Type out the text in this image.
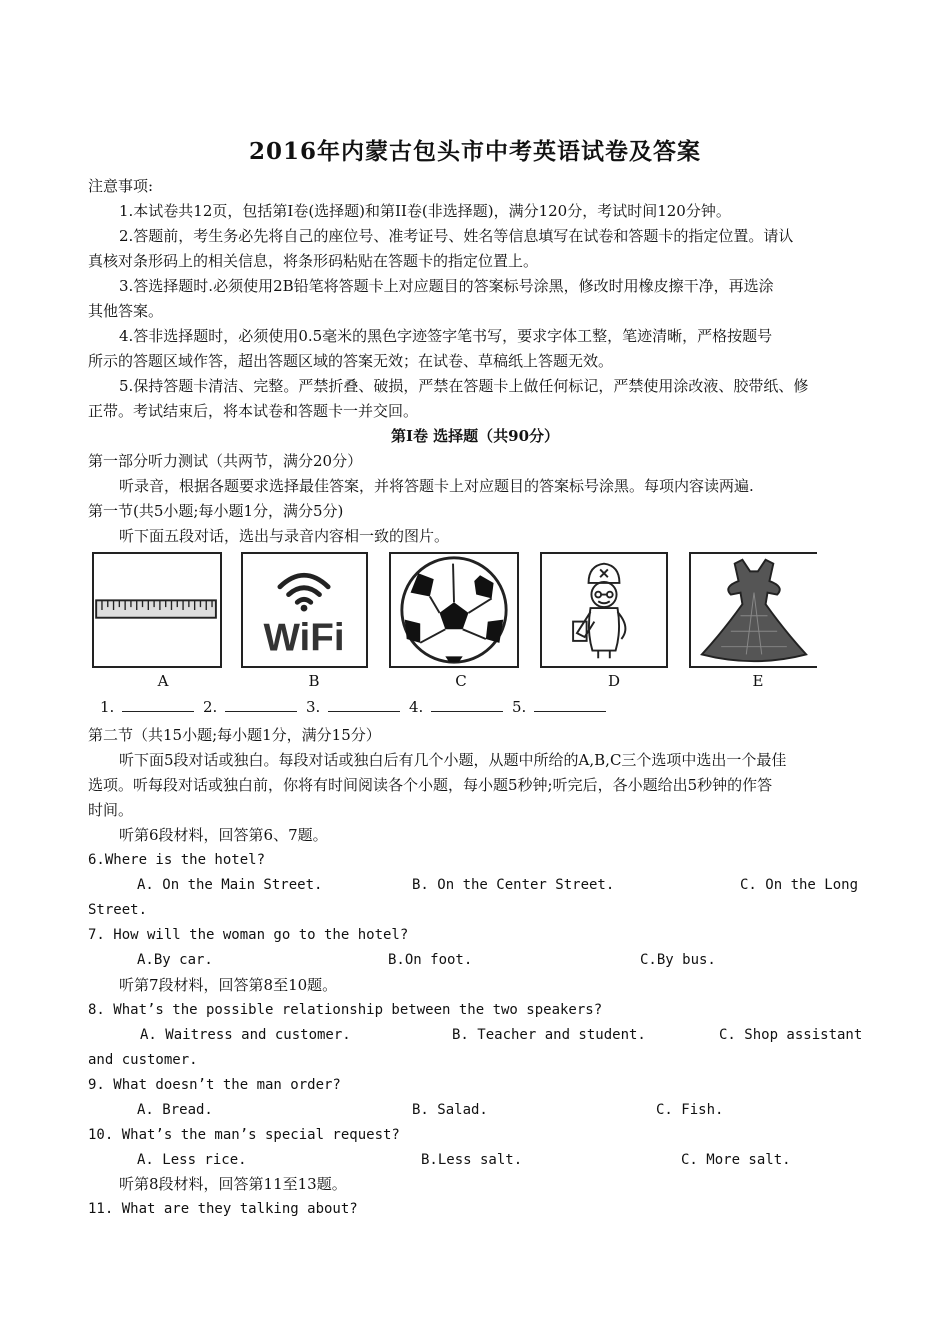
2016年内蒙古包头市中考英语试卷及答案
注意事项:
1.本试卷共12页，包括第Ⅰ卷(选择题)和第II卷(非选择题)，满分120分，考试时间120分钟。
2.答题前，考生务必先将自己的座位号、准考证号、姓名等信息填写在试卷和答题卡的指定位置。请认
真核对条形码上的相关信息，将条形码粘贴在答题卡的指定位置上。
3.答选择题时.必须使用2B铅笔将答题卡上对应题目的答案标号涂黑，修改时用橡皮擦干净，再选涂
其他答案。
4.答非选择题时，必须使用0.5毫米的黑色字迹签字笔书写，要求字体工整，笔迹清晰，严格按题号
所示的答题区域作答，超出答题区域的答案无效；在试卷、草稿纸上答题无效。
5.保持答题卡清洁、完整。严禁折叠、破损，严禁在答题卡上做任何标记，严禁使用涂改液、胶带纸、修
正带。考试结束后，将本试卷和答题卡一并交回。
第Ⅰ卷 选择题（共90分）
第一部分听力测试（共两节，满分20分）
听录音，根据各题要求选择最佳答案，并将答题卡上对应题目的答案标号涂黑。每项内容读两遍.
第一节(共5小题;每小题1分，满分5分)
听下面五段对话，选出与录音内容相一致的图片。
WiFi
A	B	C	D	E
1.	2.	3.	4.	5.
第二节（共15小题;每小题1分，满分15分）
听下面5段对话或独白。每段对话或独白后有几个小题，从题中所给的A,B,C三个选项中选出一个最佳
选项。听每段对话或独白前，你将有时间阅读各个小题，每小题5秒钟;听完后，各小题给出5秒钟的作答
时间。
听第6段材料，回答第6、7题。
6.Where is the hotel?
A. On the Main Street.	B. On the Center Street.	C. On the Long
Street.
7. How will the woman go to the hotel?
A.By car.	B.On foot.	C.By bus.
听第7段材料，回答第8至10题。
8. What’s the possible relationship between the two speakers?
A. Waitress and customer.	B. Teacher and student.	C. Shop assistant
and customer.
9. What doesn’t the man order?
A. Bread.	B. Salad.	C. Fish.
10. What’s the man’s special request?
A. Less rice.	B.Less salt.	C. More salt.
听第8段材料，回答第11至13题。
11. What are they talking about?
